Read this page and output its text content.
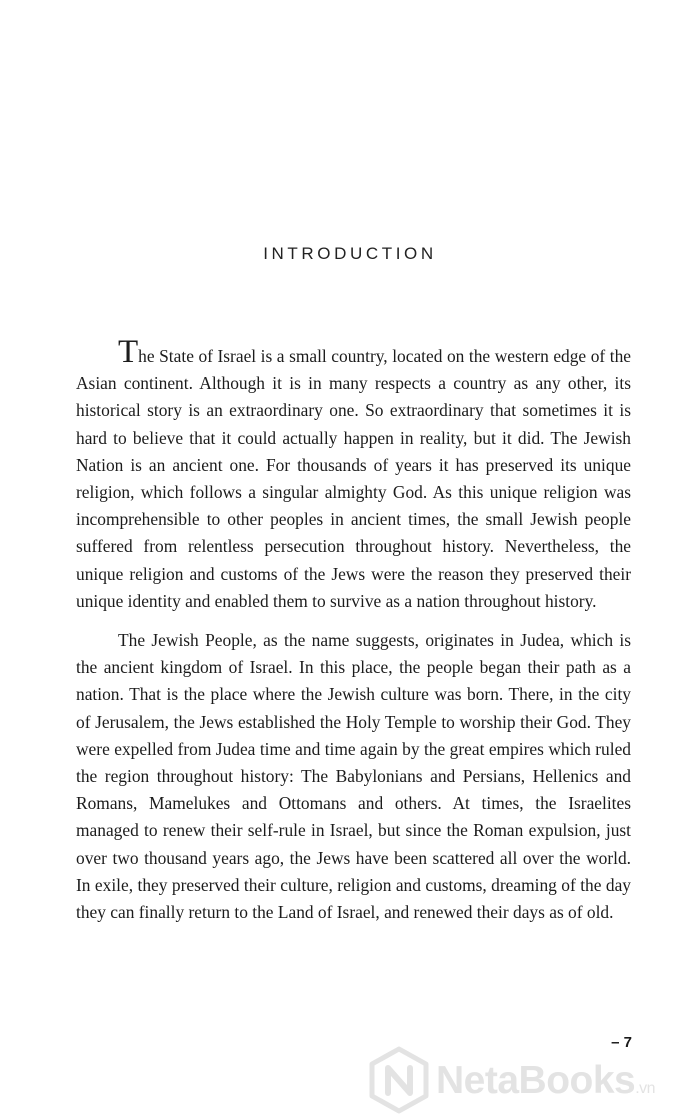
INTRODUCTION

The State of Israel is a small country, located on the western edge of the Asian continent. Although it is in many respects a country as any other, its historical story is an extraordinary one. So extraordinary that sometimes it is hard to believe that it could actually happen in reality, but it did. The Jewish Nation is an ancient one. For thousands of years it has preserved its unique religion, which follows a singular almighty God. As this unique religion was incomprehensible to other peoples in ancient times, the small Jewish people suffered from relentless persecution throughout history. Nevertheless, the unique religion and customs of the Jews were the reason they preserved their unique identity and enabled them to survive as a nation throughout history.

The Jewish People, as the name suggests, originates in Judea, which is the ancient kingdom of Israel. In this place, the people began their path as a nation. That is the place where the Jewish culture was born. There, in the city of Jerusalem, the Jews established the Holy Temple to worship their God. They were expelled from Judea time and time again by the great empires which ruled the region throughout history: The Babylonians and Persians, Hellenics and Romans, Mamelukes and Ottomans and others. At times, the Israelites managed to renew their self-rule in Israel, but since the Roman expulsion, just over two thousand years ago, the Jews have been scattered all over the world. In exile, they preserved their culture, religion and customs, dreaming of the day they can finally return to the Land of Israel, and renewed their days as of old.

– 7
NetaBooks.vn
